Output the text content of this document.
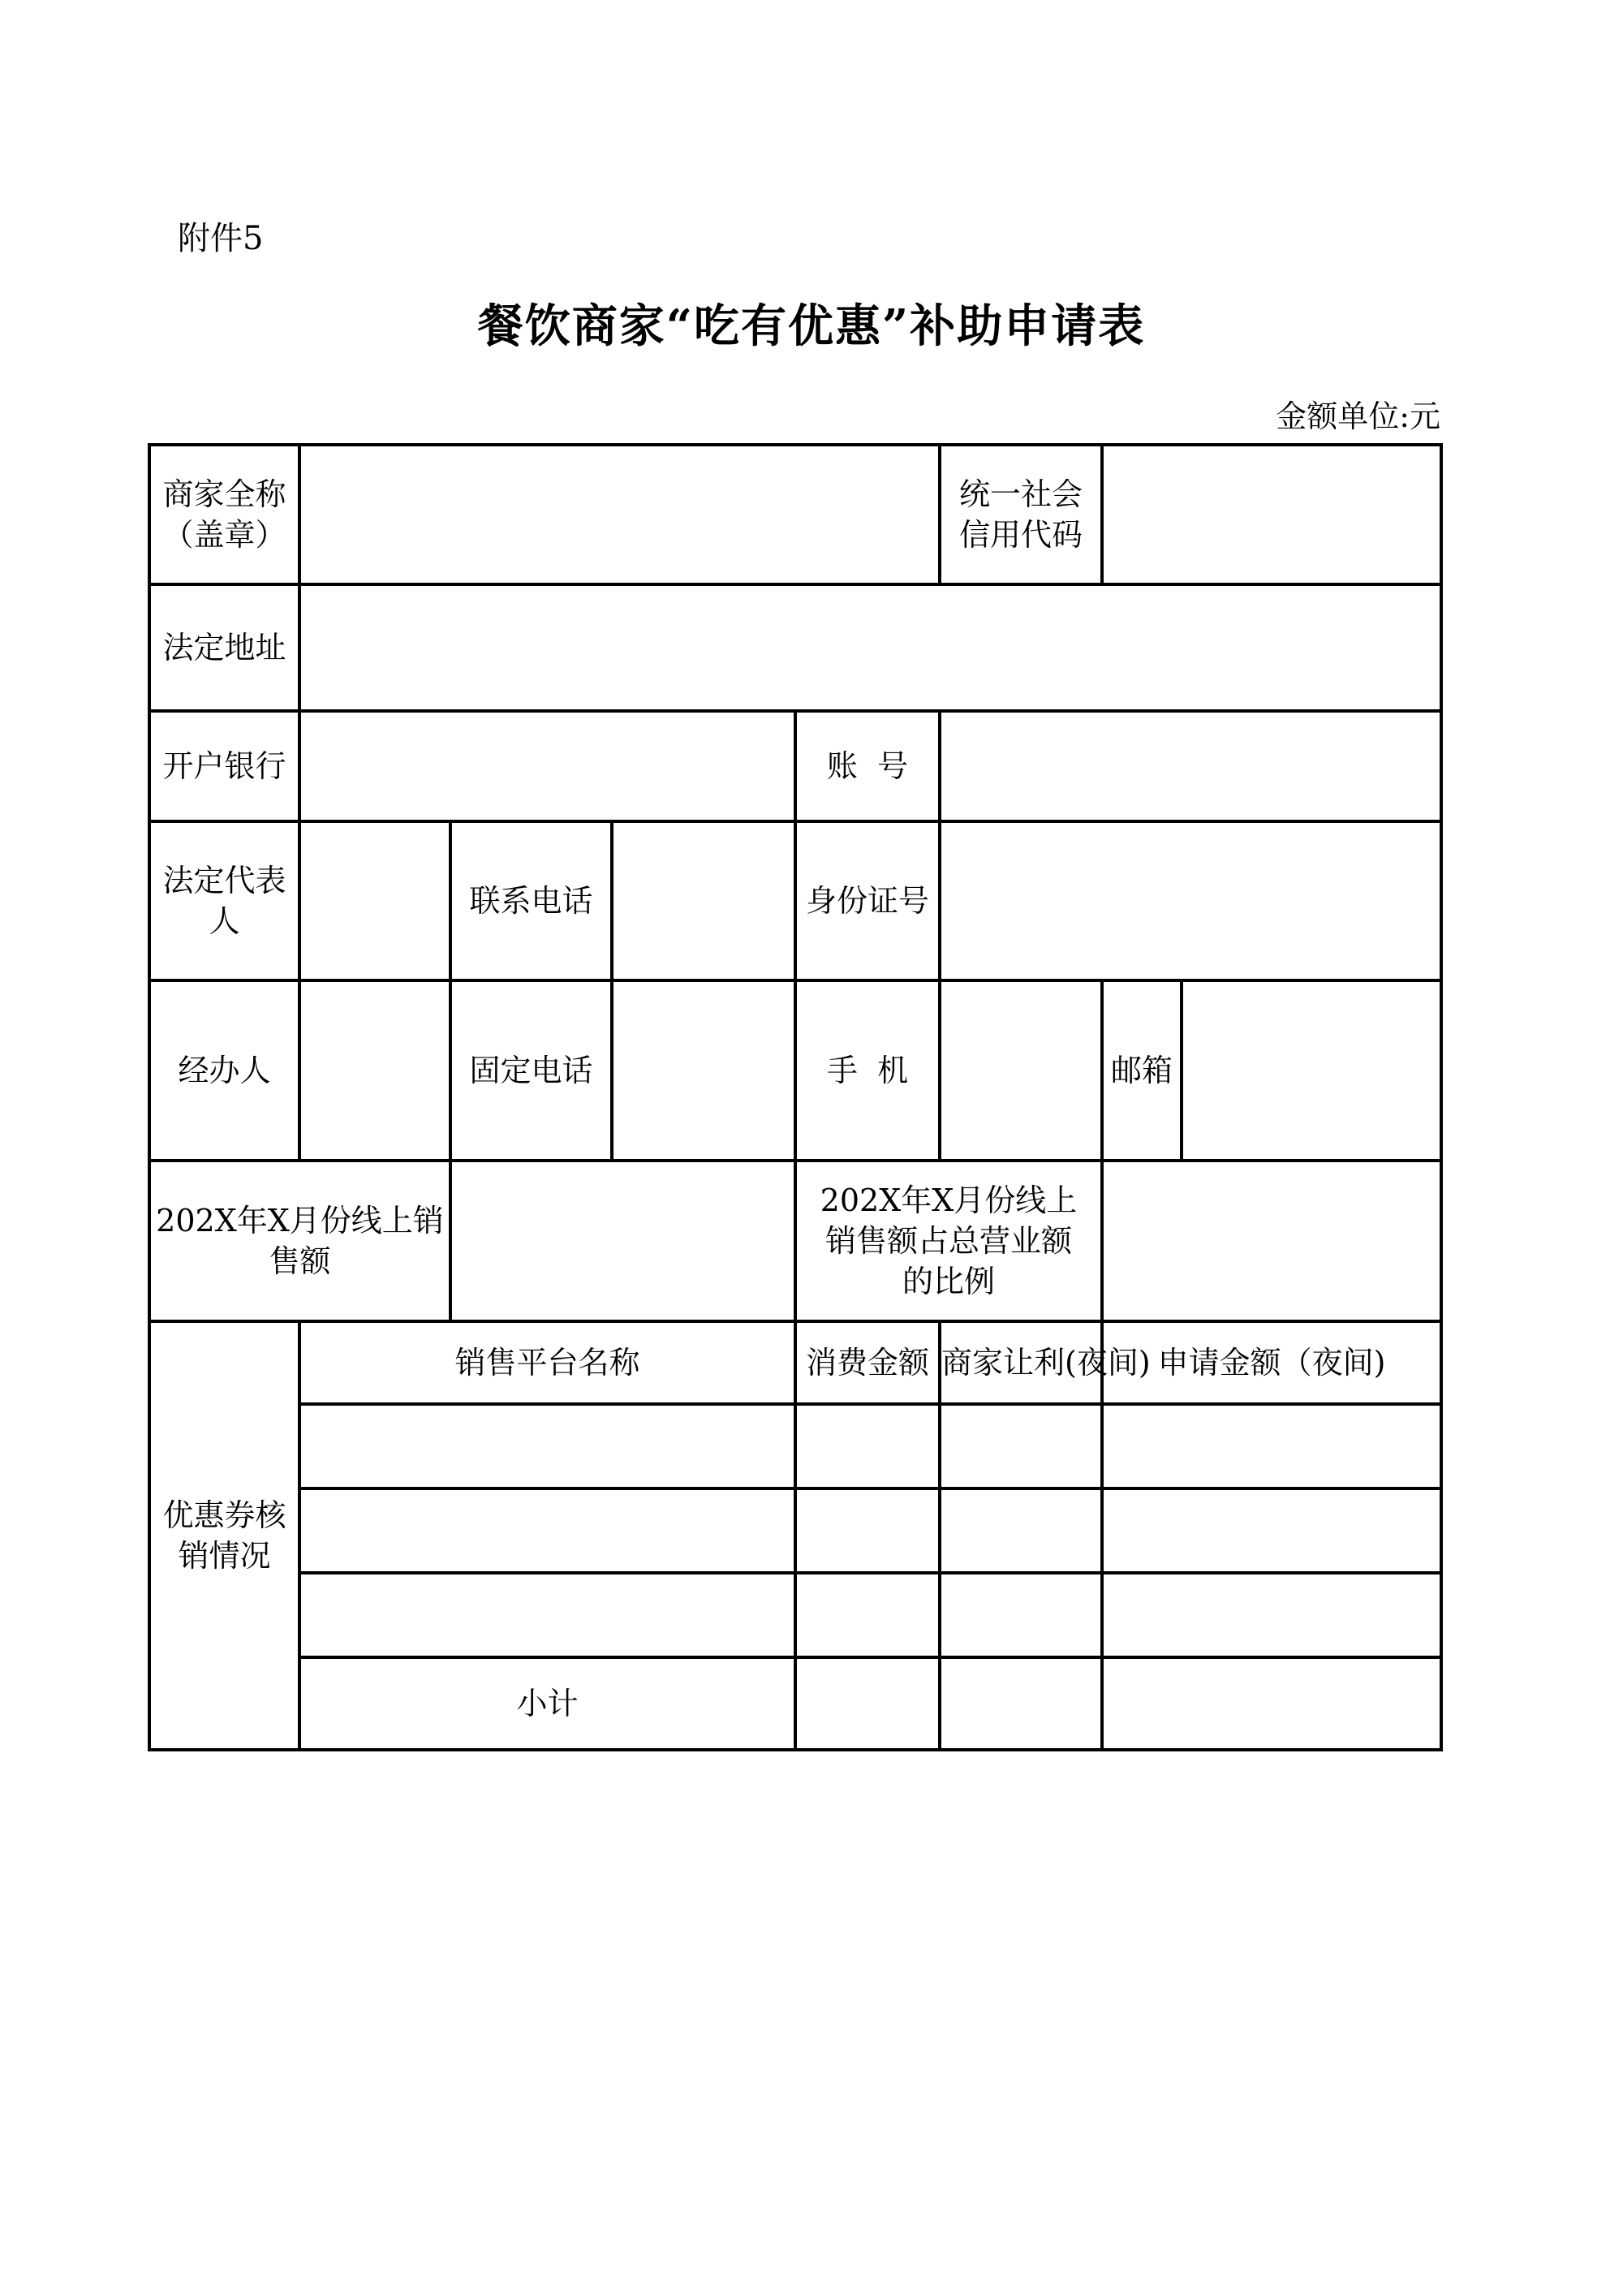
附件5
餐饮商家“吃有优惠”补助申请表
金额单位:元
商家全称（盖章）					统一社会信用代码		
法定地址							
开户银行				账  号			
法定代表人		联系电话		身份证号			
经办人		固定电话		手  机		邮箱	
202X年X月份线上销售额				202X年X月份线上销售额占总营业额的比例			
优惠券核销情况	销售平台名称			消费金额	商家让利(夜间)	申请金额（夜间)	

	小计						
